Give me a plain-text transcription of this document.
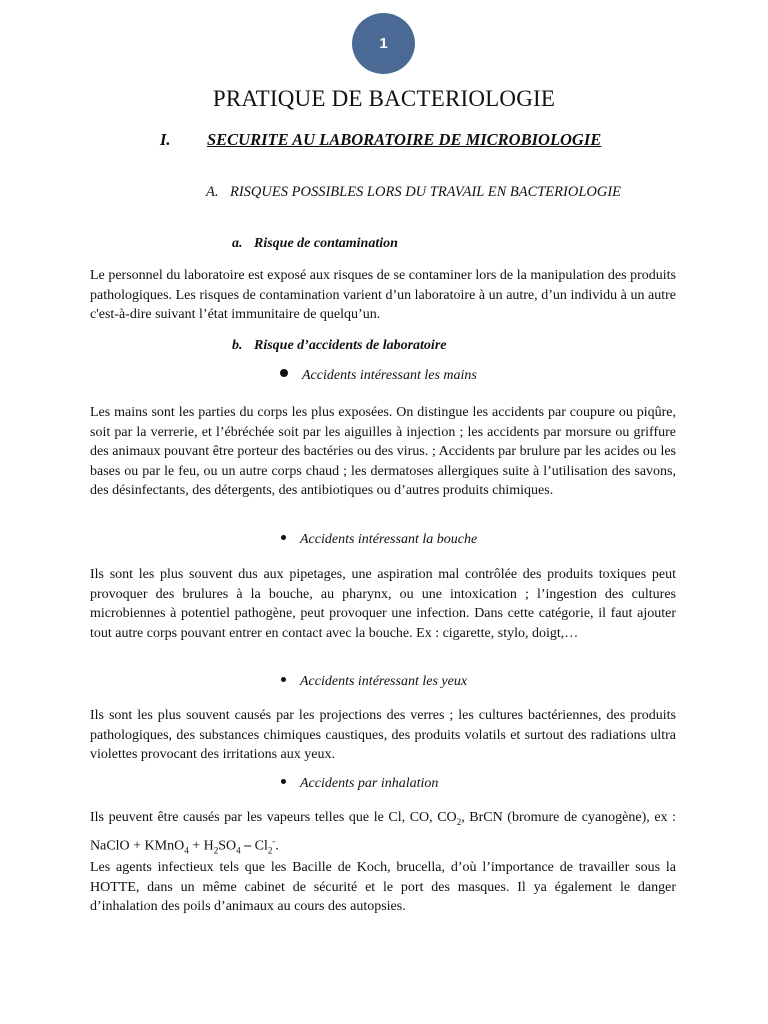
1
PRATIQUE DE BACTERIOLOGIE
I. SECURITE AU LABORATOIRE DE MICROBIOLOGIE
A. RISQUES POSSIBLES LORS DU TRAVAIL EN BACTERIOLOGIE
a. Risque de contamination

Le personnel du laboratoire est exposé aux risques de se contaminer lors de la manipulation des produits pathologiques. Les risques de contamination varient d’un laboratoire à un autre, d’un individu à un autre c'est-à-dire suivant l’état immunitaire de quelqu’un.

b. Risque d’accidents de laboratoire
Accidents intéressant les mains

Les mains sont les parties du corps les plus exposées. On distingue les accidents par coupure ou piqûre, soit par la verrerie, et l’ébréchée soit par les aiguilles à injection ; les accidents par morsure ou griffure des animaux pouvant être porteur des bactéries ou des virus. ; Accidents par brulure par les acides ou les bases ou par le feu, ou un autre corps chaud ; les dermatoses allergiques suite à l’utilisation des savons, des désinfectants, des détergents, des antibiotiques ou d’autres produits chimiques.

Accidents intéressant la bouche

Ils sont les plus souvent dus aux pipetages, une aspiration mal contrôlée des produits toxiques peut provoquer des brulures à la bouche, au pharynx, ou une intoxication ; l’ingestion des cultures microbiennes à potentiel pathogène, peut provoquer une infection. Dans cette catégorie, il faut ajouter tout autre corps pouvant entrer en contact avec la bouche. Ex : cigarette, stylo, doigt,…

Accidents intéressant les yeux

Ils sont les plus souvent causés par les projections des verres ; les cultures bactériennes, des produits pathologiques, des substances chimiques caustiques, des produits volatils et surtout des radiations ultra violettes provocant des irritations aux yeux.

Accidents par inhalation

Ils peuvent être causés par les vapeurs telles que le Cl, CO, $CO_2$, BrCN (bromure de cyanogène), ex : NaClO + KMnO$_4$ + $H_2SO_4$ ⎯ $Cl_2^-$.

Les agents infectieux tels que les Bacille de Koch, brucella, d’où l’importance de travailler sous la HOTTE, dans un même cabinet de sécurité et le port des masques. Il ya également le danger d’inhalation des poils d’animaux au cours des autopsies.
